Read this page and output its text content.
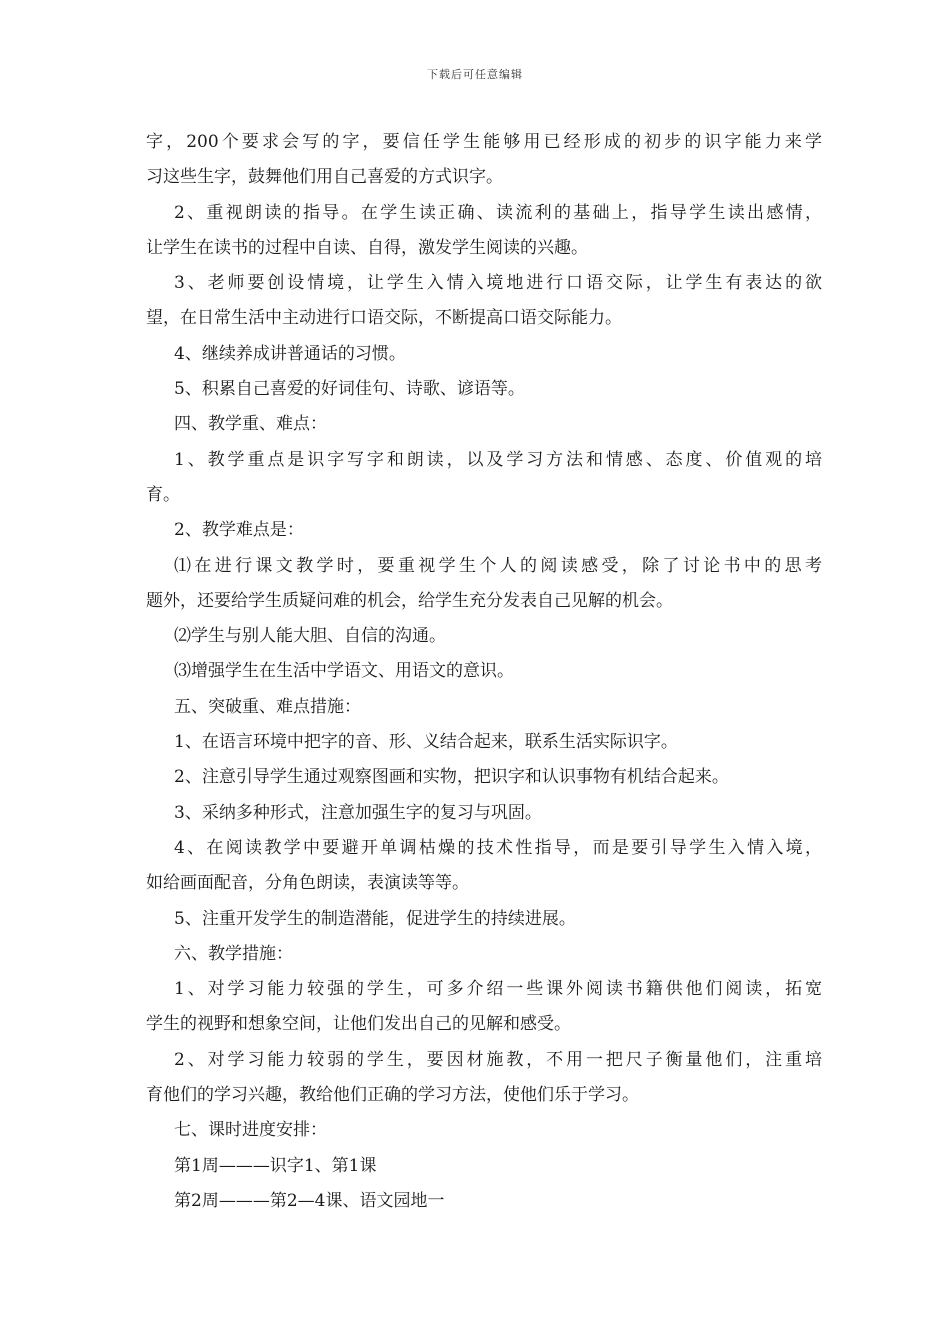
下载后可任意编辑
字，200个要求会写的字，要信任学生能够用已经形成的初步的识字能力来学
习这些生字，鼓舞他们用自己喜爱的方式识字。
2、重视朗读的指导。在学生读正确、读流利的基础上，指导学生读出感情，
让学生在读书的过程中自读、自得，激发学生阅读的兴趣。
3、老师要创设情境，让学生入情入境地进行口语交际，让学生有表达的欲
望，在日常生活中主动进行口语交际，不断提高口语交际能力。
4、继续养成讲普通话的习惯。
5、积累自己喜爱的好词佳句、诗歌、谚语等。
四、教学重、难点：
1、教学重点是识字写字和朗读，以及学习方法和情感、态度、价值观的培
育。
2、教学难点是：
⑴在进行课文教学时，要重视学生个人的阅读感受，除了讨论书中的思考
题外，还要给学生质疑问难的机会，给学生充分发表自己见解的机会。
⑵学生与别人能大胆、自信的沟通。
⑶增强学生在生活中学语文、用语文的意识。
五、突破重、难点措施：
1、在语言环境中把字的音、形、义结合起来，联系生活实际识字。
2、注意引导学生通过观察图画和实物，把识字和认识事物有机结合起来。
3、采纳多种形式，注意加强生字的复习与巩固。
4、在阅读教学中要避开单调枯燥的技术性指导，而是要引导学生入情入境，
如给画面配音，分角色朗读，表演读等等。
5、注重开发学生的制造潜能，促进学生的持续进展。
六、教学措施：
1、对学习能力较强的学生，可多介绍一些课外阅读书籍供他们阅读，拓宽
学生的视野和想象空间，让他们发出自己的见解和感受。
2、对学习能力较弱的学生，要因材施教，不用一把尺子衡量他们，注重培
育他们的学习兴趣，教给他们正确的学习方法，使他们乐于学习。
七、课时进度安排：
第1周———识字1、第1课
第2周———第2—4课、语文园地一
